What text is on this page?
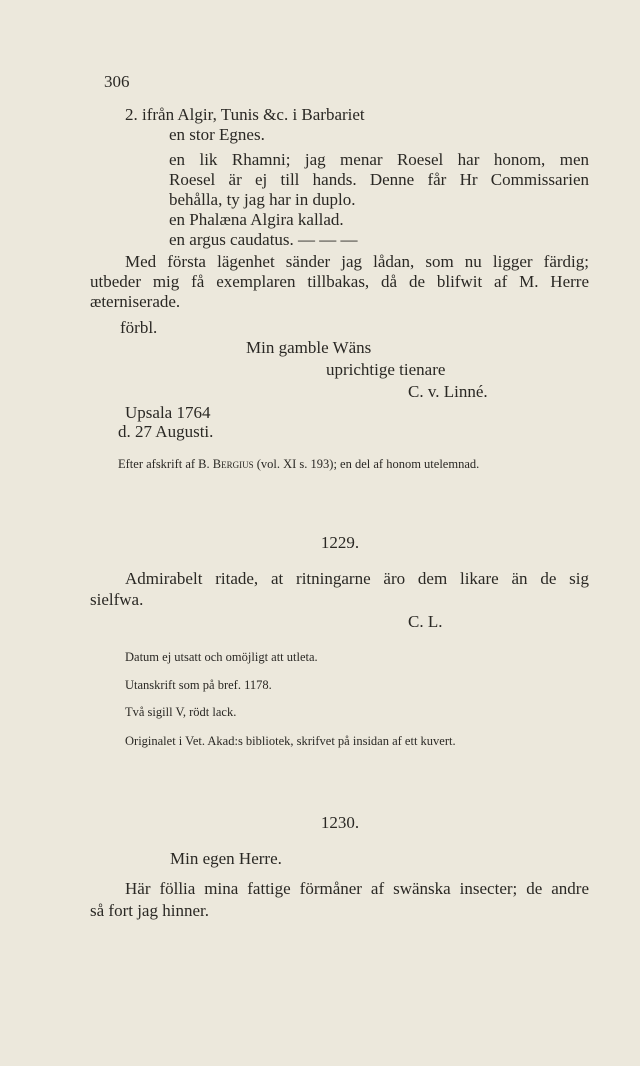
306
2. ifrån Algir, Tunis &c. i Barbariet
en stor Egnes.
en lik Rhamni; jag menar Roesel har honom, men
Roesel är ej till hands. Denne får Hr Commissarien
behålla, ty jag har in duplo.
en Phalæna Algira kallad.
en argus caudatus. — — —
Med första lägenhet sänder jag lådan, som nu ligger färdig;
utbeder mig få exemplaren tillbakas, då de blifwit af M. Herre
æterniserade.
förbl.
Min gamble Wäns
uprichtige tienare
C. v. Linné.
Upsala 1764
d. 27 Augusti.
Efter afskrift af B. Bergius (vol. XI s. 193); en del af honom utelemnad.
1229.
Admirabelt ritade, at ritningarne äro dem likare än de sig
sielfwa.
C. L.
Datum ej utsatt och omöjligt att utleta.
Utanskrift som på bref. 1178.
Två sigill V, rödt lack.
Originalet i Vet. Akad:s bibliotek, skrifvet på insidan af ett kuvert.
1230.
Min egen Herre.
Här föllia mina fattige förmåner af swänska insecter; de andre
så fort jag hinner.
